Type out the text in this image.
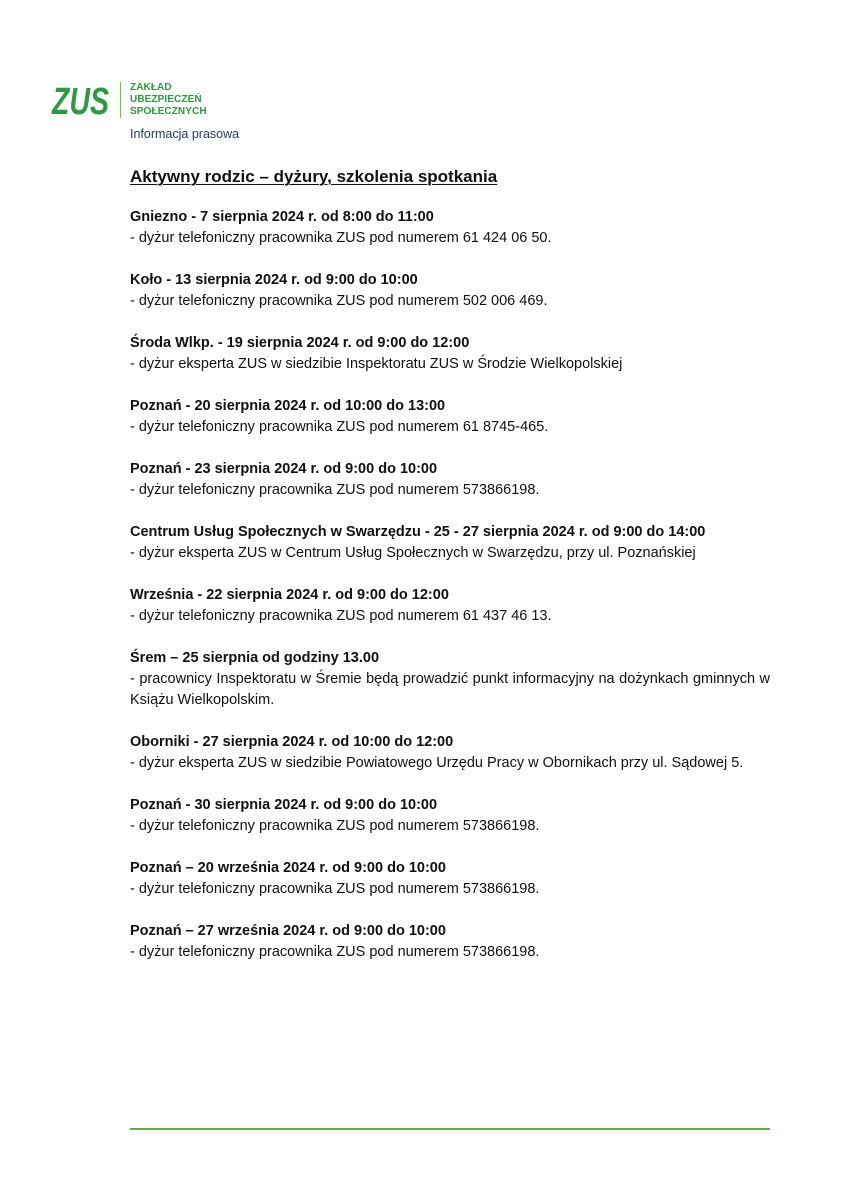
ZUS ZAKŁAD
UBEZPIECZEŃ
SPOŁECZNYCH
Informacja prasowa
Aktywny rodzic – dyżury, szkolenia spotkania
Gniezno - 7 sierpnia 2024 r. od 8:00 do 11:00
- dyżur telefoniczny pracownika ZUS pod numerem 61 424 06 50.
Koło - 13 sierpnia 2024 r. od 9:00 do 10:00
- dyżur telefoniczny pracownika ZUS pod numerem 502 006 469.
Środa Wlkp. - 19 sierpnia 2024 r. od 9:00 do 12:00
- dyżur eksperta ZUS w siedzibie Inspektoratu ZUS w Środzie Wielkopolskiej
Poznań - 20 sierpnia 2024 r. od 10:00 do 13:00
- dyżur telefoniczny pracownika ZUS pod numerem 61 8745-465.
Poznań - 23 sierpnia 2024 r. od 9:00 do 10:00
- dyżur telefoniczny pracownika ZUS pod numerem 573866198.
Centrum Usług Społecznych w Swarzędzu - 25 - 27 sierpnia 2024 r. od 9:00 do 14:00
- dyżur eksperta ZUS w Centrum Usług Społecznych w Swarzędzu, przy ul. Poznańskiej
Września - 22 sierpnia 2024 r. od 9:00 do 12:00
- dyżur telefoniczny pracownika ZUS pod numerem 61 437 46 13.
Śrem – 25 sierpnia od godziny 13.00
- pracownicy Inspektoratu w Śremie będą prowadzić punkt informacyjny na dożynkach gminnych w Książu Wielkopolskim.
Oborniki - 27 sierpnia 2024 r. od 10:00 do 12:00
- dyżur eksperta ZUS w siedzibie Powiatowego Urzędu Pracy w Obornikach przy ul. Sądowej 5.
Poznań - 30 sierpnia 2024 r. od 9:00 do 10:00
- dyżur telefoniczny pracownika ZUS pod numerem 573866198.
Poznań – 20 września 2024 r. od 9:00 do 10:00
- dyżur telefoniczny pracownika ZUS pod numerem 573866198.
Poznań – 27 września 2024 r. od 9:00 do 10:00
- dyżur telefoniczny pracownika ZUS pod numerem 573866198.
